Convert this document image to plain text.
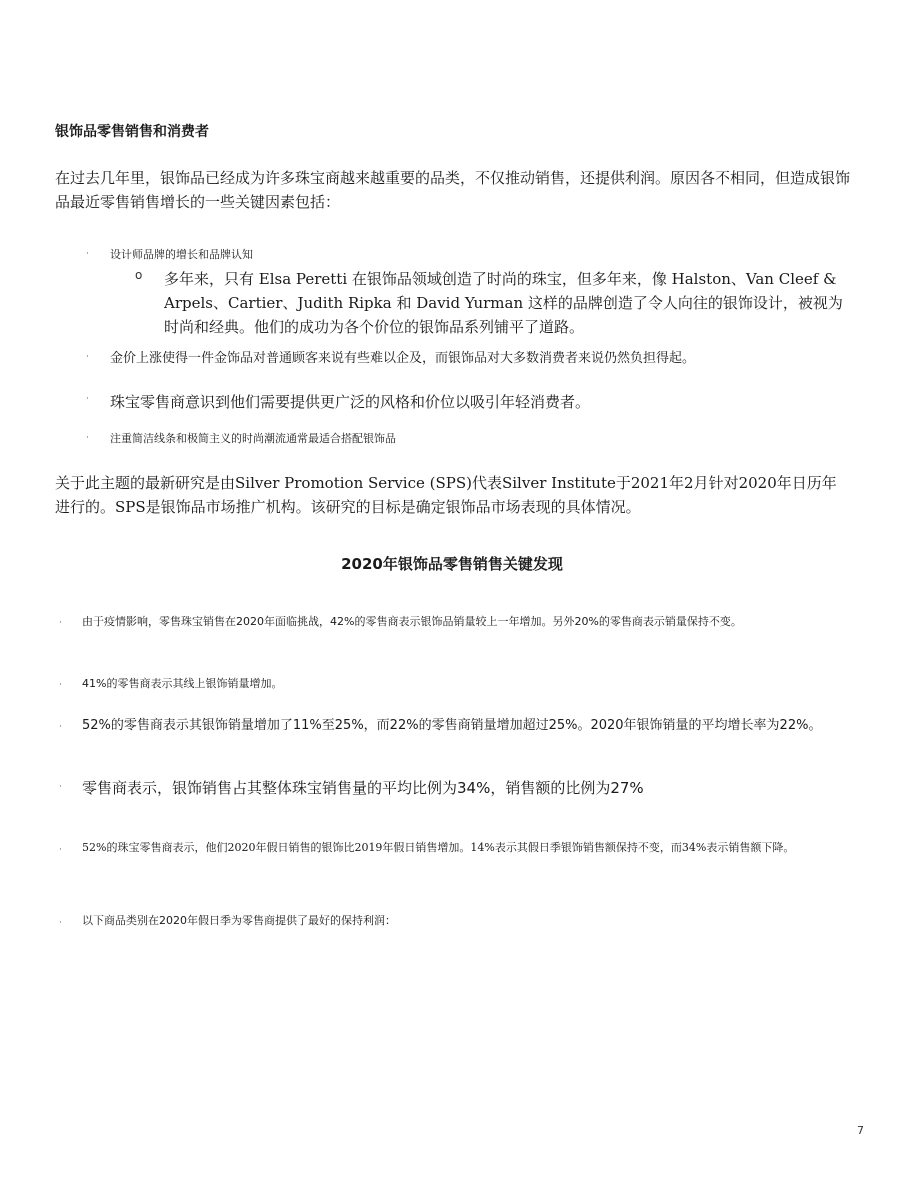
银饰品零售销售和消费者
在过去几年里，银饰品已经成为许多珠宝商越来越重要的品类，不仅推动销售，还提供利润。原因各不相同，但造成银饰品最近零售销售增长的一些关键因素包括：
· 设计师品牌的增长和品牌认知
o 多年来，只有 Elsa Peretti 在银饰品领域创造了时尚的珠宝，但多年来，像 Halston、Van Cleef & Arpels、Cartier、Judith Ripka 和 David Yurman 这样的品牌创造了令人向往的银饰设计，被视为时尚和经典。他们的成功为各个价位的银饰品系列铺平了道路。
· 金价上涨使得一件金饰品对普通顾客来说有些难以企及，而银饰品对大多数消费者来说仍然负担得起。
· 珠宝零售商意识到他们需要提供更广泛的风格和价位以吸引年轻消费者。
· 注重简洁线条和极简主义的时尚潮流通常最适合搭配银饰品
关于此主题的最新研究是由Silver Promotion Service (SPS)代表Silver Institute于2021年2月针对2020年日历年进行的。SPS是银饰品市场推广机构。该研究的目标是确定银饰品市场表现的具体情况。
2020年银饰品零售销售关键发现
· 由于疫情影响，零售珠宝销售在2020年面临挑战，42%的零售商表示银饰品销量较上一年增加。另外20%的零售商表示销量保持不变。
· 41%的零售商表示其线上银饰销量增加。
· 52%的零售商表示其银饰销量增加了11%至25%，而22%的零售商销量增加超过25%。2020年银饰销量的平均增长率为22%。
· 零售商表示，银饰销售占其整体珠宝销售量的平均比例为34%，销售额的比例为27%
· 52%的珠宝零售商表示，他们2020年假日销售的银饰比2019年假日销售增加。14%表示其假日季银饰销售额保持不变，而34%表示销售额下降。
· 以下商品类别在2020年假日季为零售商提供了最好的保持利润：
7
